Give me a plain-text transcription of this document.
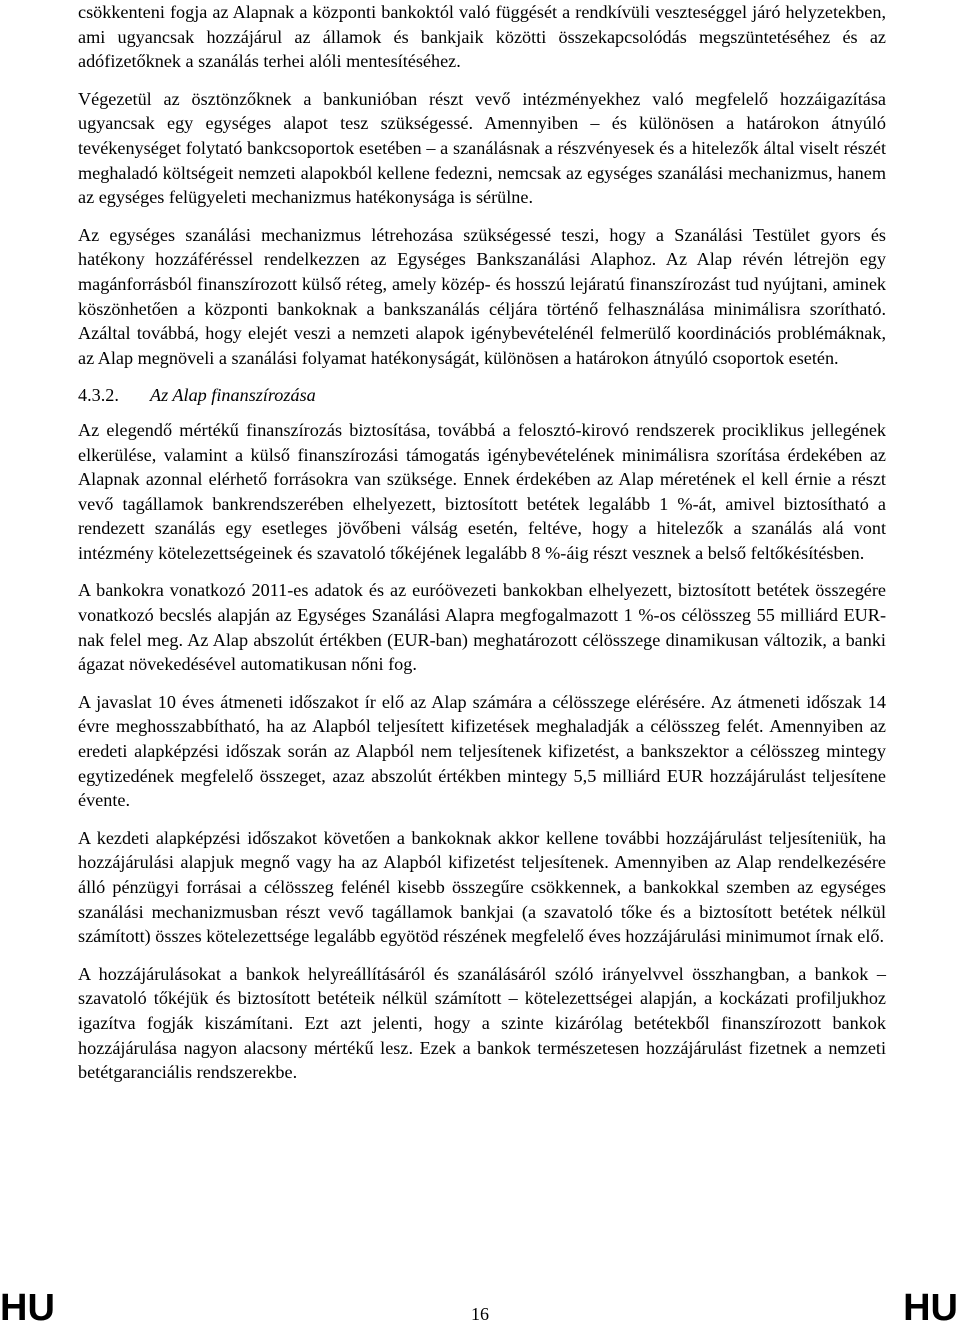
csökkenteni fogja az Alapnak a központi bankoktól való függését a rendkívüli veszteséggel járó helyzetekben, ami ugyancsak hozzájárul az államok és bankjaik közötti összekapcsolódás megszüntetéséhez és az adófizetőknek a szanálás terhei alóli mentesítéséhez.

Végezetül az ösztönzőknek a bankunióban részt vevő intézményekhez való megfelelő hozzáigazítása ugyancsak egy egységes alapot tesz szükségessé. Amennyiben – és különösen a határokon átnyúló tevékenységet folytató bankcsoportok esetében – a szanálásnak a részvényesek és a hitelezők által viselt részét meghaladó költségeit nemzeti alapokból kellene fedezni, nemcsak az egységes szanálási mechanizmus, hanem az egységes felügyeleti mechanizmus hatékonysága is sérülne.

Az egységes szanálási mechanizmus létrehozása szükségessé teszi, hogy a Szanálási Testület gyors és hatékony hozzáféréssel rendelkezzen az Egységes Bankszanálási Alaphoz. Az Alap révén létrejön egy magánforrásból finanszírozott külső réteg, amely közép- és hosszú lejáratú finanszírozást tud nyújtani, aminek köszönhetően a központi bankoknak a bankszanálás céljára történő felhasználása minimálisra szorítható. Azáltal továbbá, hogy elejét veszi a nemzeti alapok igénybevételénél felmerülő koordinációs problémáknak, az Alap megnöveli a szanálási folyamat hatékonyságát, különösen a határokon átnyúló csoportok esetén.

4.3.2. Az Alap finanszírozása

Az elegendő mértékű finanszírozás biztosítása, továbbá a felosztó-kirovó rendszerek prociklikus jellegének elkerülése, valamint a külső finanszírozási támogatás igénybevételének minimálisra szorítása érdekében az Alapnak azonnal elérhető forrásokra van szüksége. Ennek érdekében az Alap méretének el kell érnie a részt vevő tagállamok bankrendszerében elhelyezett, biztosított betétek legalább 1 %-át, amivel biztosítható a rendezett szanálás egy esetleges jövőbeni válság esetén, feltéve, hogy a hitelezők a szanálás alá vont intézmény kötelezettségeinek és szavatoló tőkéjének legalább 8 %-áig részt vesznek a belső feltőkésítésben.

A bankokra vonatkozó 2011-es adatok és az euróövezeti bankokban elhelyezett, biztosított betétek összegére vonatkozó becslés alapján az Egységes Szanálási Alapra megfogalmazott 1 %-os célösszeg 55 milliárd EUR-nak felel meg. Az Alap abszolút értékben (EUR-ban) meghatározott célösszege dinamikusan változik, a banki ágazat növekedésével automatikusan nőni fog.

A javaslat 10 éves átmeneti időszakot ír elő az Alap számára a célösszege elérésére. Az átmeneti időszak 14 évre meghosszabbítható, ha az Alapból teljesített kifizetések meghaladják a célösszeg felét. Amennyiben az eredeti alapképzési időszak során az Alapból nem teljesítenek kifizetést, a bankszektor a célösszeg mintegy egytizedének megfelelő összeget, azaz abszolút értékben mintegy 5,5 milliárd EUR hozzájárulást teljesítene évente.

A kezdeti alapképzési időszakot követően a bankoknak akkor kellene további hozzájárulást teljesíteniük, ha hozzájárulási alapjuk megnő vagy ha az Alapból kifizetést teljesítenek. Amennyiben az Alap rendelkezésére álló pénzügyi forrásai a célösszeg felénél kisebb összegűre csökkennek, a bankokkal szemben az egységes szanálási mechanizmusban részt vevő tagállamok bankjai (a szavatoló tőke és a biztosított betétek nélkül számított) összes kötelezettsége legalább egyötöd részének megfelelő éves hozzájárulási minimumot írnak elő.

A hozzájárulásokat a bankok helyreállításáról és szanálásáról szóló irányelvvel összhangban, a bankok – szavatoló tőkéjük és biztosított betéteik nélkül számított – kötelezettségei alapján, a kockázati profiljukhoz igazítva fogják kiszámítani. Ezt azt jelenti, hogy a szinte kizárólag betétekből finanszírozott bankok hozzájárulása nagyon alacsony mértékű lesz. Ezek a bankok természetesen hozzájárulást fizetnek a nemzeti betétgaranciális rendszerekbe.

HU	16	HU
